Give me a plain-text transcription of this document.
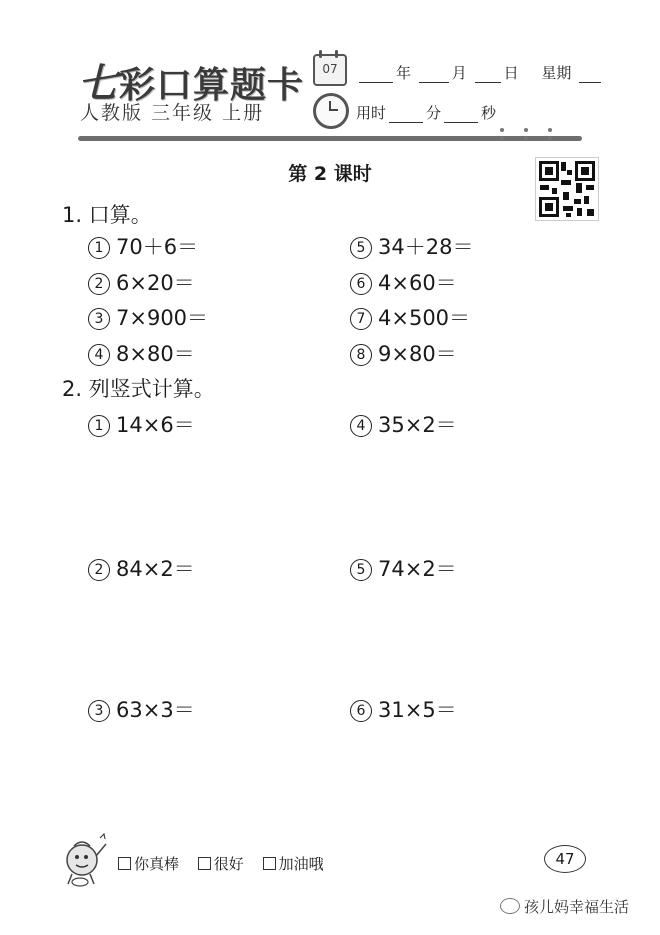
七彩口算题卡
人教版 三年级 上册
07	年	月 日 星期
用时	分	秒
第 2 课时
1. 口算。
1 70＋6＝
2 6×20＝
3 7×900＝
4 8×80＝
5 34＋28＝
6 4×60＝
7 4×500＝
8 9×80＝
2. 列竖式计算。
1 14×6＝	4 35×2＝
2 84×2＝	5 74×2＝
3 63×3＝	6 31×5＝
你真棒 很好 加油哦	47
孩儿妈幸福生活
